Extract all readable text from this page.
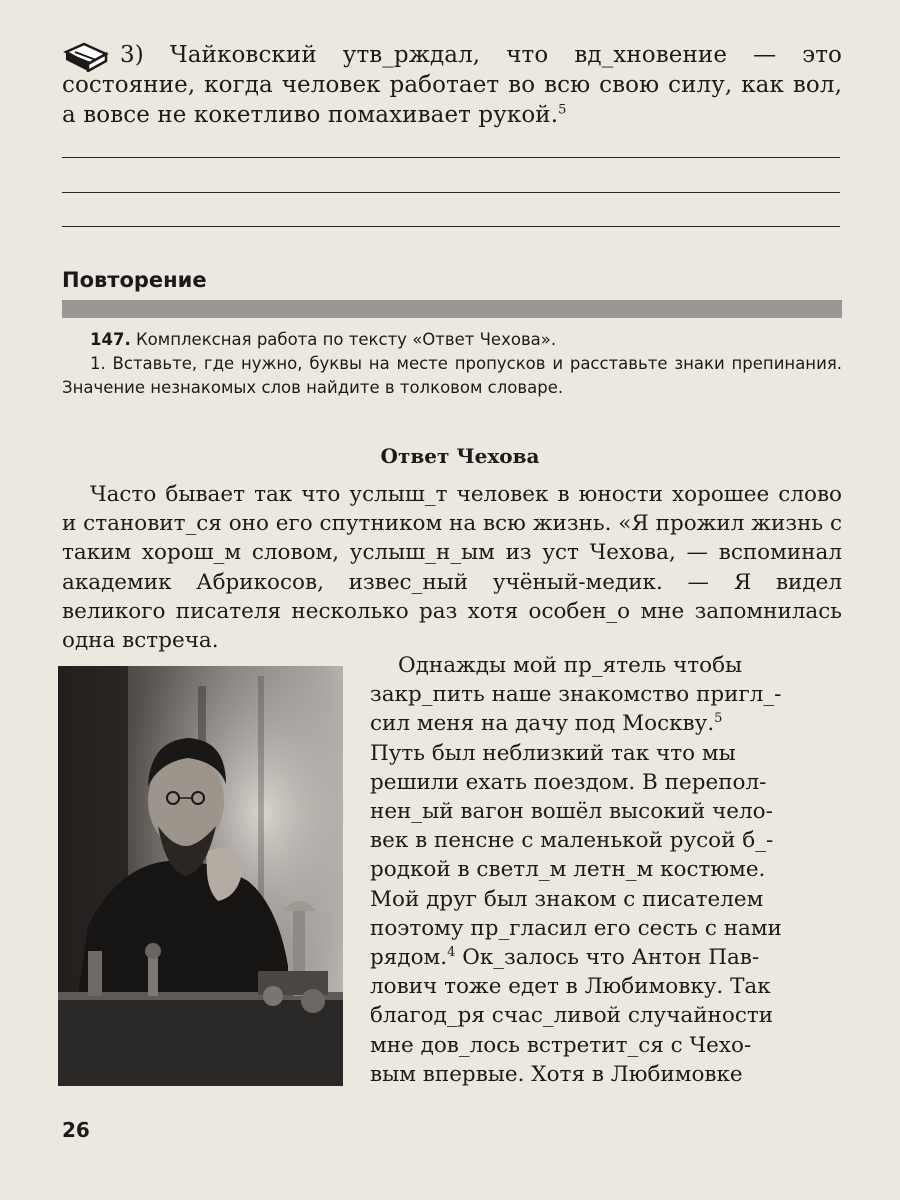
3) Чайковский утв_рждал, что вд_хновение — это состояние, когда человек работает во всю свою силу, как вол, а вовсе не кокетливо помахивает рукой.$^5$
Повторение

147. Комплексная работа по тексту «Ответ Чехова».

1. Вставьте, где нужно, буквы на месте пропусков и расставьте знаки препинания. Значение незнакомых слов найдите в толковом словаре.

Ответ Чехова

Часто бывает так что услыш_т человек в юности хорошее слово и становит_ся оно его спутником на всю жизнь. «Я прожил жизнь с таким хорош_м словом, услыш_н_ым из уст Чехова, — вспоминал академик Абрикосов, извес_ный учёный-медик. — Я видел великого писателя несколько раз хотя особен_о мне запомнилась одна встреча.

Однажды мой пр_ятель чтобы
закр_пить наше знакомство пригл_-
сил меня на дачу под Москву.$^5$
Путь был неблизкий так что мы
решили ехать поездом. В перепол-
нен_ый вагон вошёл высокий чело-
век в пенсне с маленькой русой б_-
родкой в светл_м летн_м костюме.
Мой друг был знаком с писателем
поэтому пр_гласил его сесть с нами
рядом.$^4$ Ок_залось что Антон Пав-
лович тоже едет в Любимовку. Так
благод_ря счас_ливой случайности
мне дов_лось встретит_ся с Чехо-
вым впервые. Хотя в Любимовке
26
